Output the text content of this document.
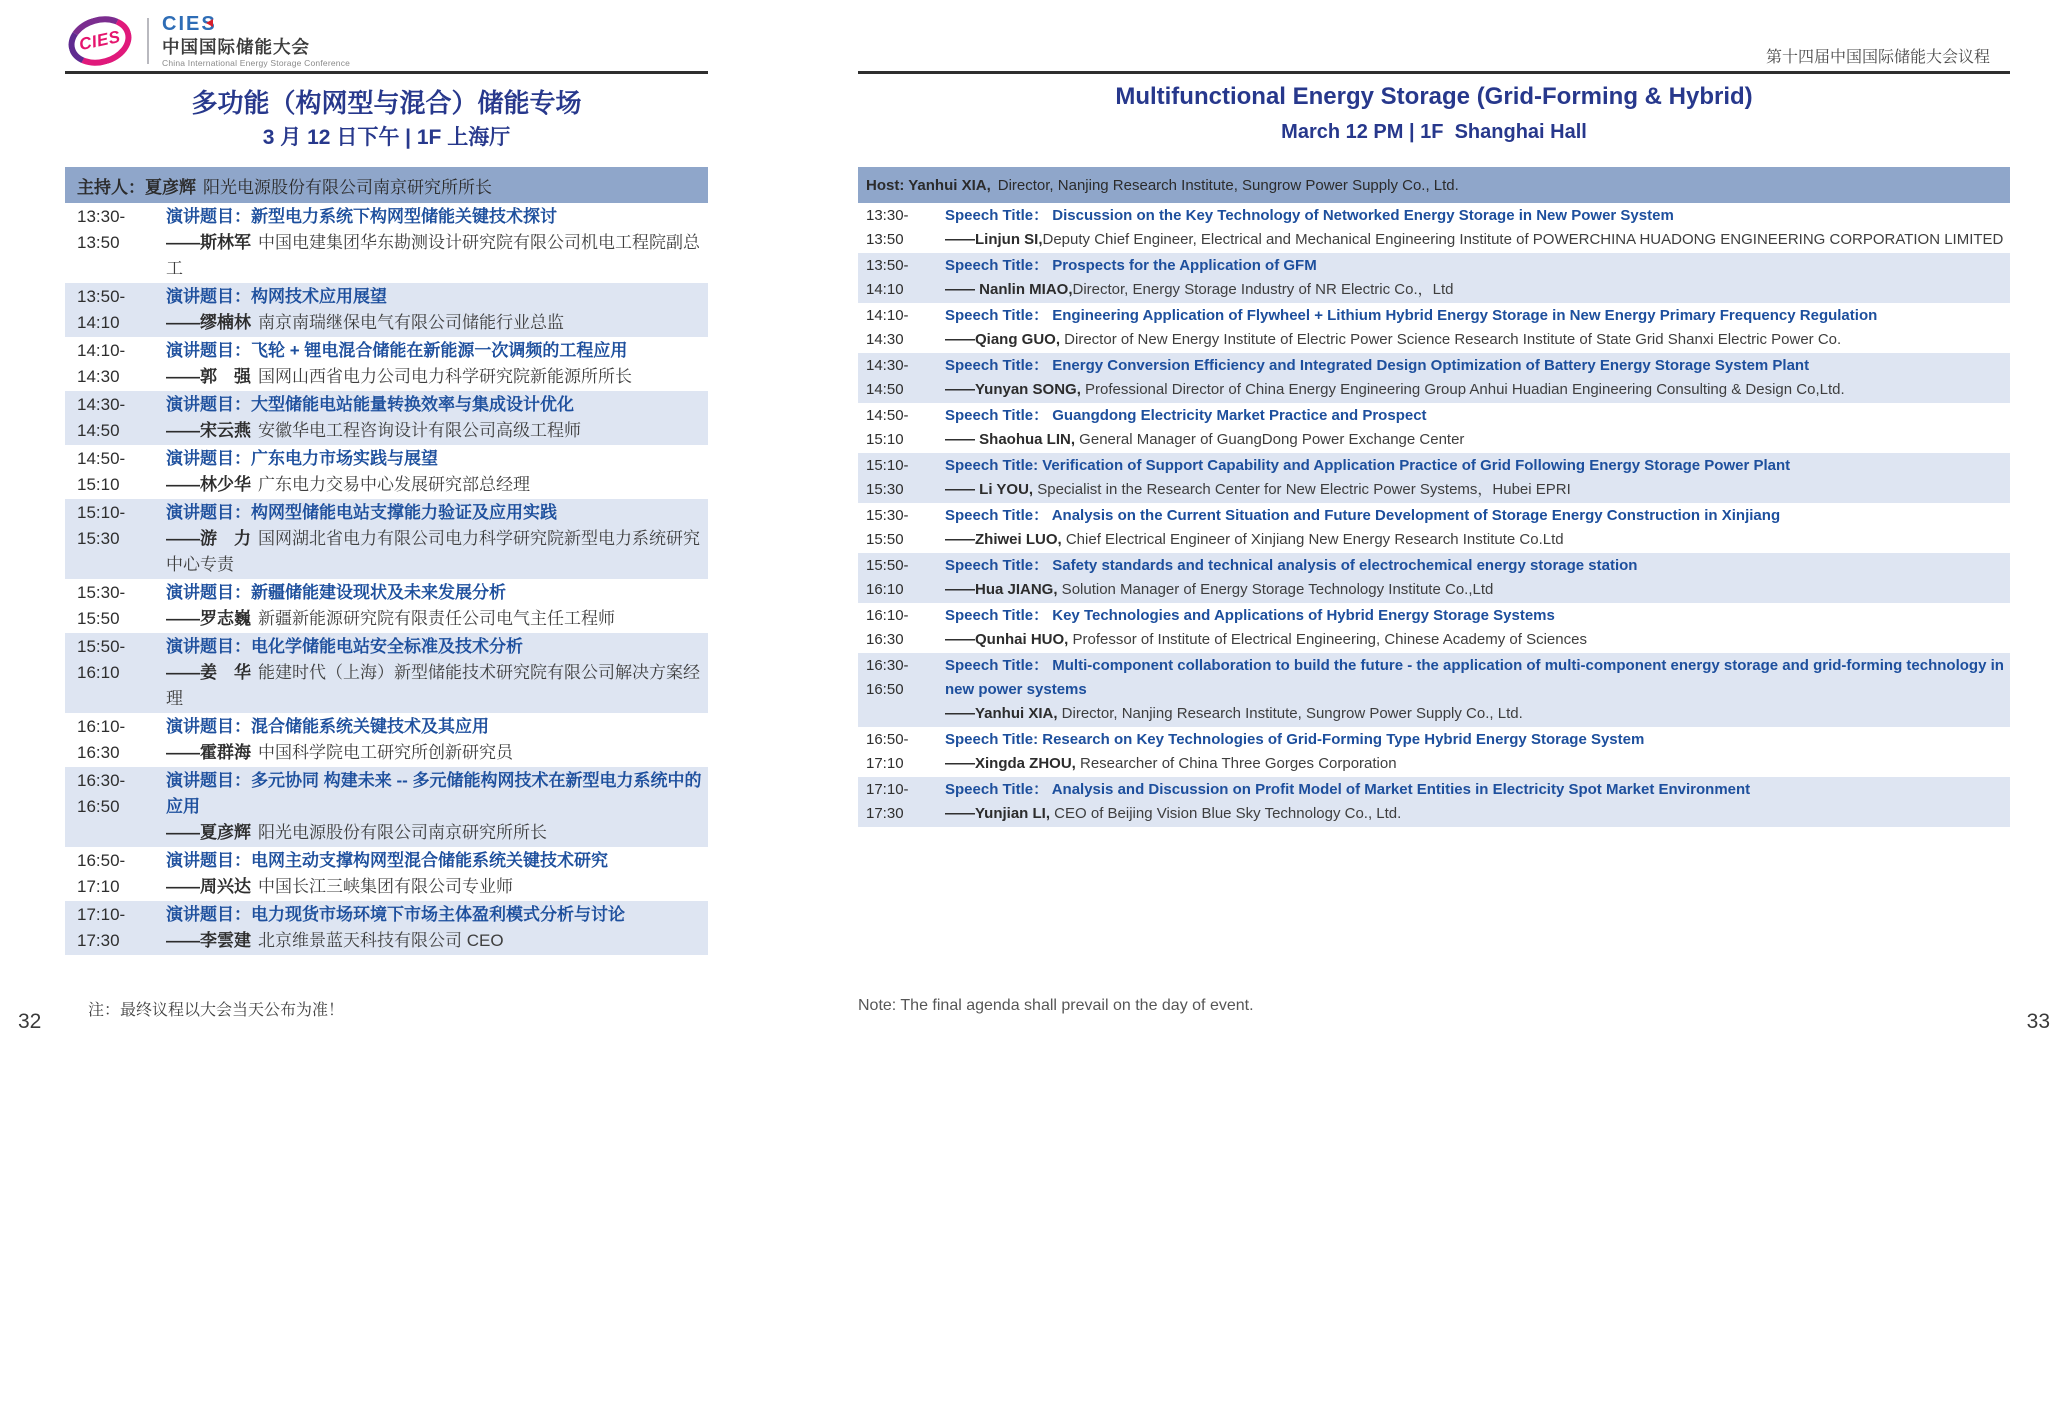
CIES
CIES
中国国际储能大会
China International Energy Storage Conference	第十四届中国国际储能大会议程
多功能（构网型与混合）储能专场
3 月 12 日下午 | 1F 上海厅
主持人：夏彦辉 阳光电源股份有限公司南京研究所所长
13:30-13:50
演讲题目：新型电力系统下构网型储能关键技术探讨
——斯林军 中国电建集团华东勘测设计研究院有限公司机电工程院副总工
13:50-14:10
演讲题目：构网技术应用展望
——缪楠林 南京南瑞继保电气有限公司储能行业总监
14:10-14:30
演讲题目：飞轮 + 锂电混合储能在新能源一次调频的工程应用
——郭　强 国网山西省电力公司电力科学研究院新能源所所长
14:30-14:50
演讲题目：大型储能电站能量转换效率与集成设计优化
——宋云燕 安徽华电工程咨询设计有限公司高级工程师
14:50-15:10
演讲题目：广东电力市场实践与展望
——林少华 广东电力交易中心发展研究部总经理
15:10-15:30
演讲题目：构网型储能电站支撑能力验证及应用实践
——游　力 国网湖北省电力有限公司电力科学研究院新型电力系统研究中心专责
15:30-15:50
演讲题目：新疆储能建设现状及未来发展分析
——罗志巍 新疆新能源研究院有限责任公司电气主任工程师
15:50-16:10
演讲题目：电化学储能电站安全标准及技术分析
——姜　华 能建时代（上海）新型储能技术研究院有限公司解决方案经理
16:10-16:30
演讲题目：混合储能系统关键技术及其应用
——霍群海 中国科学院电工研究所创新研究员
16:30-16:50
演讲题目：多元协同 构建未来 -- 多元储能构网技术在新型电力系统中的应用
——夏彦辉 阳光电源股份有限公司南京研究所所长
16:50-17:10
演讲题目：电网主动支撑构网型混合储能系统关键技术研究
——周兴达 中国长江三峡集团有限公司专业师
17:10-17:30
演讲题目：电力现货市场环境下市场主体盈利模式分析与讨论
——李雲建 北京维景蓝天科技有限公司 CEO
注：最终议程以大会当天公布为准！
Multifunctional Energy Storage (Grid-Forming & Hybrid)
March 12 PM | 1F  Shanghai Hall
Host: Yanhui XIA, Director, Nanjing Research Institute, Sungrow Power Supply Co., Ltd.
13:30-13:50
Speech Title： Discussion on the Key Technology of Networked Energy Storage in New Power System
——Linjun SI,Deputy Chief Engineer, Electrical and Mechanical Engineering Institute of POWERCHINA HUADONG ENGINEERING CORPORATION LIMITED
13:50-14:10
Speech Title： Prospects for the Application of GFM
—— Nanlin MIAO,Director, Energy Storage Industry of NR Electric Co.，Ltd
14:10-14:30
Speech Title： Engineering Application of Flywheel + Lithium Hybrid Energy Storage in New Energy Primary Frequency Regulation
——Qiang GUO, Director of New Energy Institute of Electric Power Science Research Institute of State Grid Shanxi Electric Power Co.
14:30-14:50
Speech Title： Energy Conversion Efficiency and Integrated Design Optimization of Battery Energy Storage System Plant
——Yunyan SONG, Professional Director of China Energy Engineering Group Anhui Huadian Engineering Consulting & Design Co,Ltd.
14:50-15:10
Speech Title： Guangdong Electricity Market Practice and Prospect
—— Shaohua LIN, General Manager of GuangDong Power Exchange Center
15:10-15:30
Speech Title: Verification of Support Capability and Application Practice of Grid Following Energy Storage Power Plant
—— Li YOU, Specialist in the Research Center for New Electric Power Systems，Hubei EPRI
15:30-15:50
Speech Title： Analysis on the Current Situation and Future Development of Storage Energy Construction in Xinjiang
——Zhiwei LUO, Chief Electrical Engineer of Xinjiang New Energy Research Institute Co.Ltd
15:50-16:10
Speech Title： Safety standards and technical analysis of electrochemical energy storage station
——Hua JIANG, Solution Manager of Energy Storage Technology Institute Co.,Ltd
16:10-16:30
Speech Title： Key Technologies and Applications of Hybrid Energy Storage Systems
——Qunhai HUO, Professor of Institute of Electrical Engineering, Chinese Academy of Sciences
16:30-16:50
Speech Title： Multi-component collaboration to build the future - the application of multi-component energy storage and grid-forming technology in new power systems
——Yanhui XIA, Director, Nanjing Research Institute, Sungrow Power Supply Co., Ltd.
16:50-17:10
Speech Title: Research on Key Technologies of Grid-Forming Type Hybrid Energy Storage System
——Xingda ZHOU, Researcher of China Three Gorges Corporation
17:10-17:30
Speech Title： Analysis and Discussion on Profit Model of Market Entities in Electricity Spot Market Environment
——Yunjian LI, CEO of Beijing Vision Blue Sky Technology Co., Ltd.
Note: The final agenda shall prevail on the day of event.
32	33
